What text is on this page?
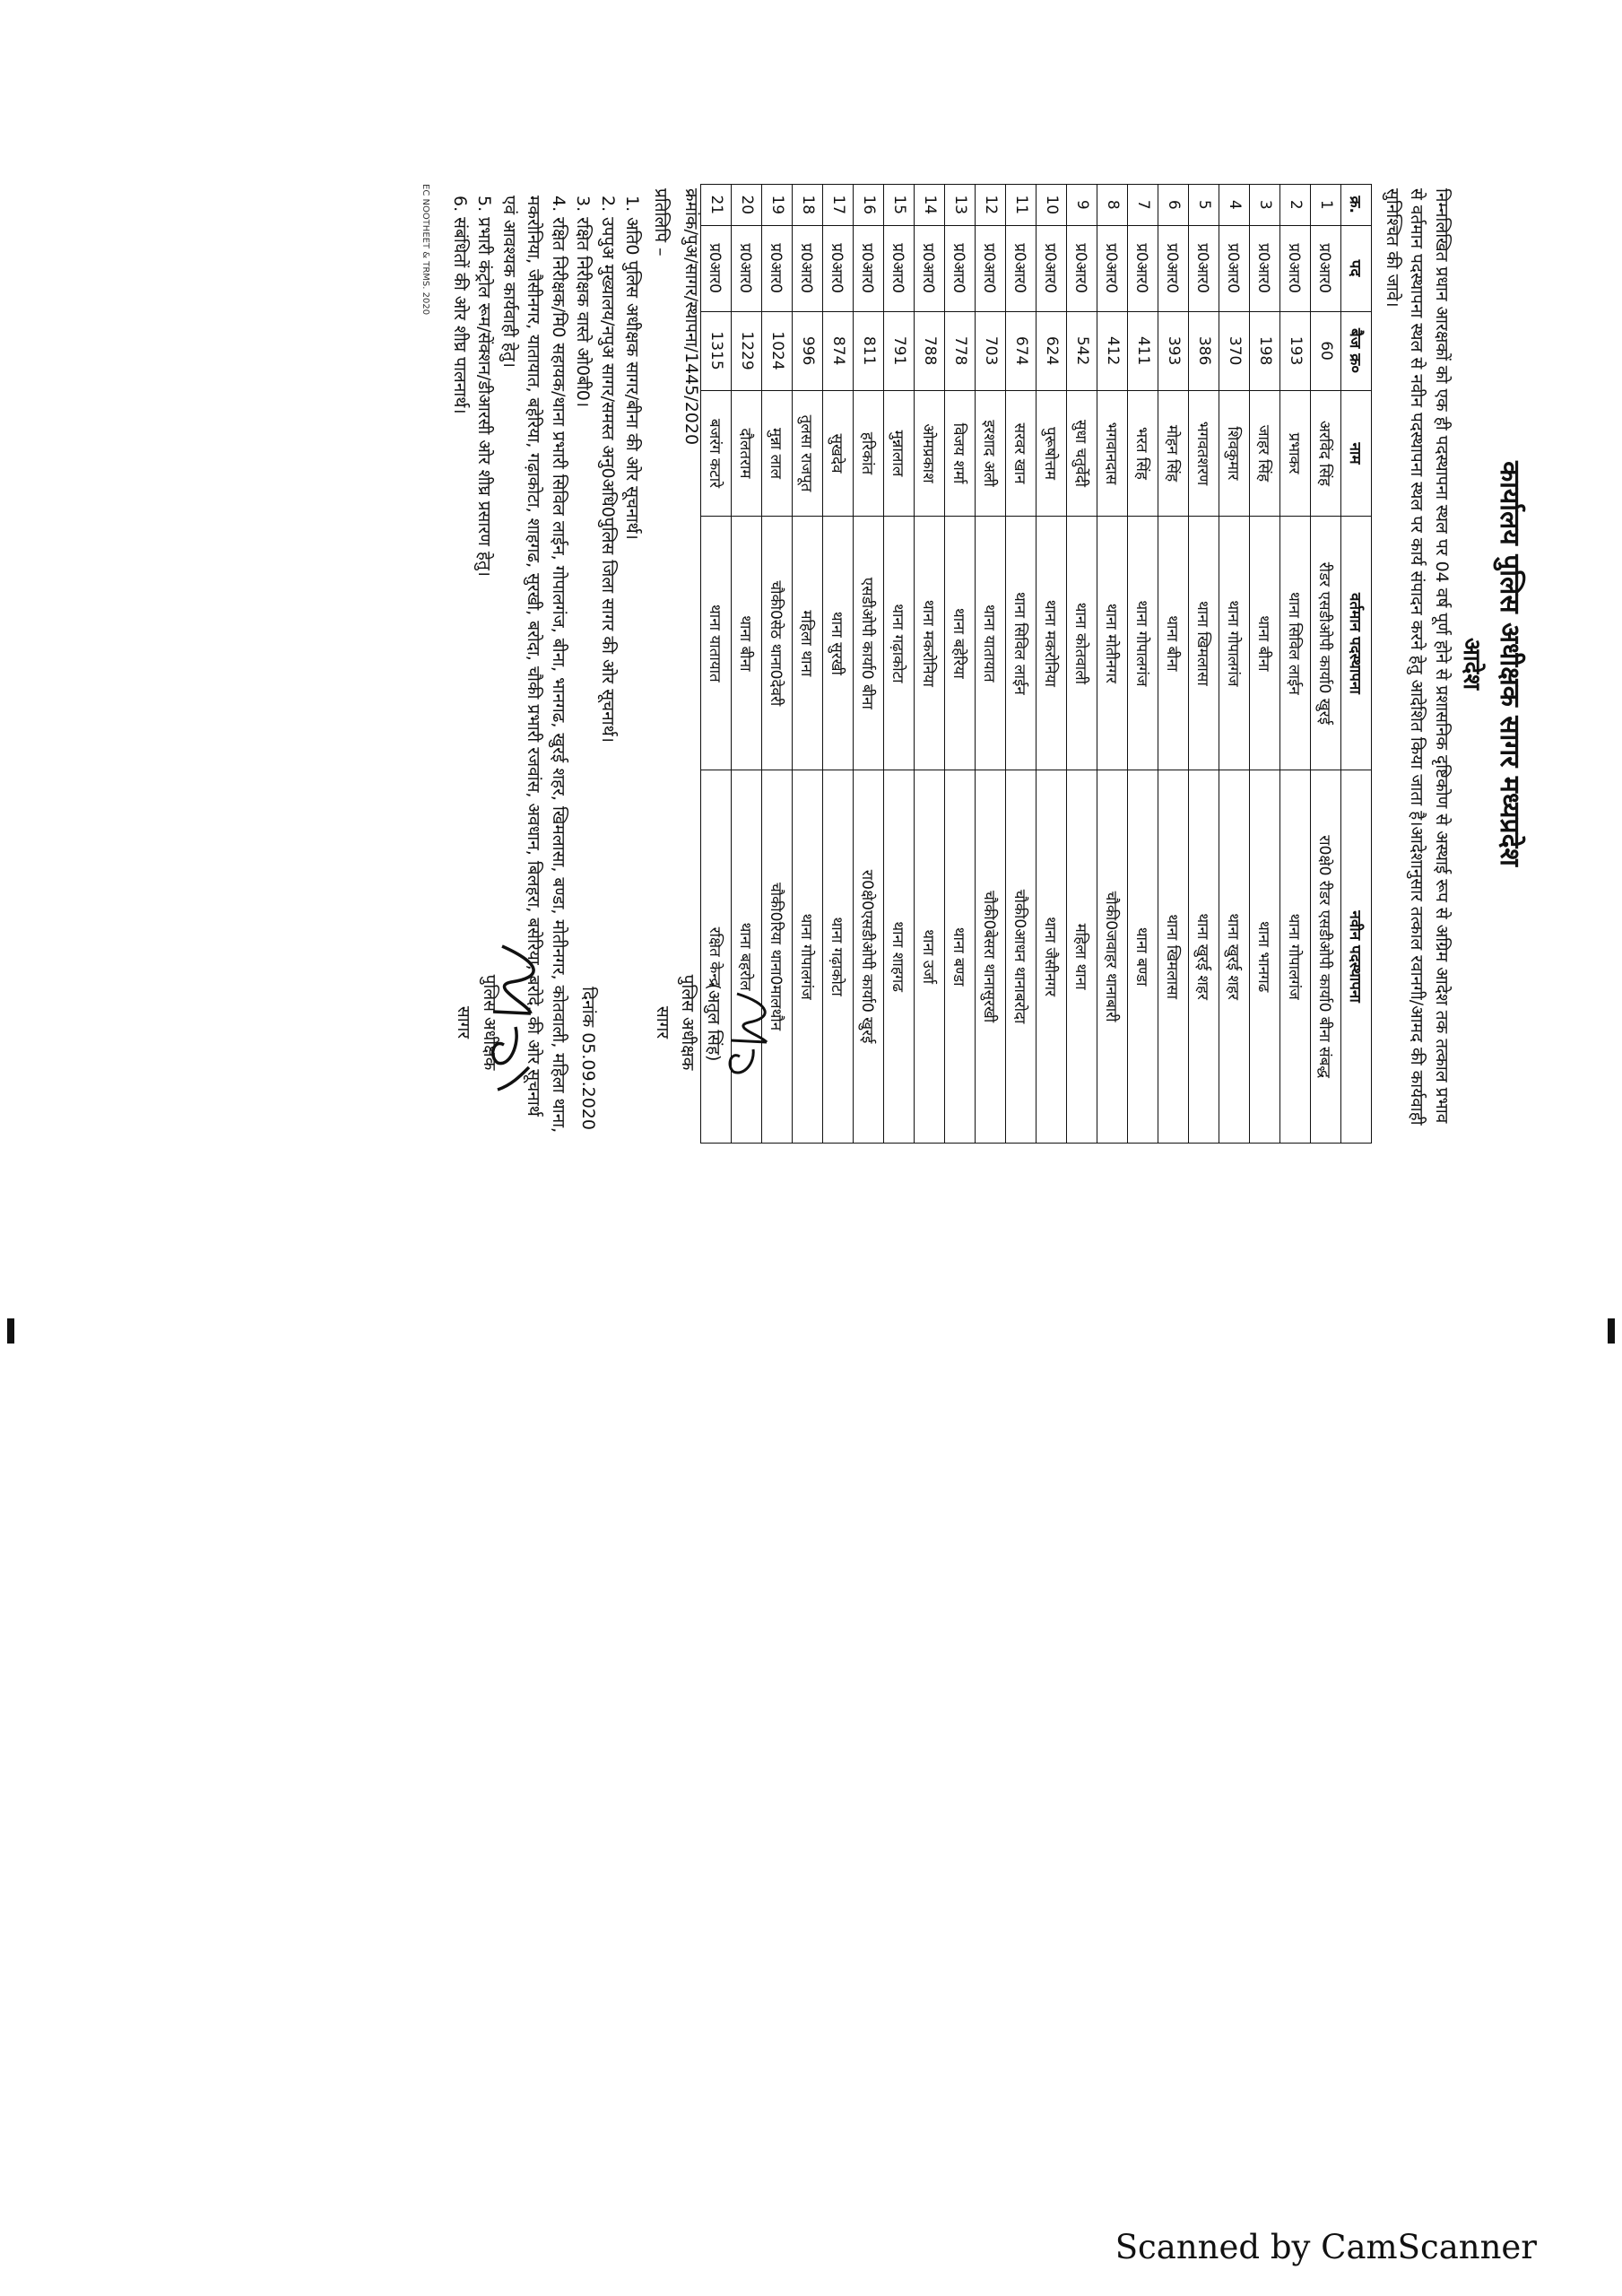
कार्यालय पुलिस अधीक्षक सागर मध्यप्रदेश
आदेश
निम्नलिखित प्रधान आरक्षकों को एक ही पदस्थापना स्थल पर 04 वर्ष पूर्ण होने से प्रशासनिक दृष्टिकोण से अस्थाई रूप से अग्रिम आदेश तक तत्काल प्रभाव से वर्तमान पदस्थापना स्थल से नवीन पदस्थापना स्थल पर कार्य संपादन करने हेतु आदेशित किया जाता है।आदेशानुसार तत्काल रवानगी/आमद की कार्यवाही सुनिश्चित की जावे।
क्र.	पद	बैज क्र०	नाम	वर्तमान पदस्थापना	नवीन पदस्थापना
1	प्र0आर0	60	अरविंद सिंह	रीडर एसडीओपी कार्या0 खुरई	रा0क्षे0 रीडर एसडीओपी कार्या0 बीना संबद्ध
2	प्र0आर0	193	प्रभाकर	थाना सिविल लाईन	थाना गोपालगंज
3	प्र0आर0	198	जाहर सिंह	थाना बीना	थाना भानगढ
4	प्र0आर0	370	शिवकुमार	थाना गोपालगंज	थाना खुरई शहर
5	प्र0आर0	386	भगवतशरण	थाना खिमलासा	थाना खुरई शहर
6	प्र0आर0	393	मोहन सिंह	थाना बीना	थाना खिमलासा
7	प्र0आर0	411	भरत सिंह	थाना गोपालगंज	थाना बण्डा
8	प्र0आर0	412	भगवानदास	थाना मोतीनगर	चौकी0जवाहर थानाबारी
9	प्र0आर0	542	सुधा चतुर्वेदी	थाना कोतवाली	महिला थाना
10	प्र0आर0	624	पुरूषोत्तम	थाना मकरोनिया	थाना जैसीनगर
11	प्र0आर0	674	सरवर खान	थाना सिविल लाईन	चौकी0आधन थानाबरोदा
12	प्र0आर0	703	इरशाद अली	थाना यातायात	चौकी0बेसरा थानासुरखी
13	प्र0आर0	778	विजय शर्मा	थाना बहेरिया	थाना बण्डा
14	प्र0आर0	788	ओमप्रकाश	थाना मकरोनिया	थाना उर्जा
15	प्र0आर0	791	मुन्नालाल	थाना गढ़ाकोटा	थाना शाहगढ
16	प्र0आर0	811	हरिकांत	एसडीओपी कार्या0 बीना	रा0क्षे0एसडीओपी कार्या0 खुरई
17	प्र0आर0	874	सुखदेव	थाना सुरखी	थाना गढ़ाकोटा
18	प्र0आर0	996	तुलसा राजपूत	महिला थाना	थाना गोपालगंज
19	प्र0आर0	1024	मुन्ना लाल	चौकी0सेठ थाना0देवरी	चौकी0रिया थाना0मालथौन
20	प्र0आर0	1229	दौलतराम	थाना बीना	थाना बहरोल
21	प्र0आर0	1315	बजरंग कटारे	थाना यातायात	रक्षित केन्द्र
(अतुल सिंह)
पुलिस अधीक्षक
सागर
क्रमांक/पुअ/सागर/स्थापना/1445/2020
दिनांक 05.09.2020
प्रतिलिपि –
1. अति0 पुलिस अधीक्षक सागर/बीना की ओर सूचनार्थ।
2. उपपुअ मुख्यालय/नपुअ सागर/समस्त अनु0अधि0पुलिस जिला सागर की ओर सूचनार्थ।
3. रक्षित निरीक्षक वास्ते ओ0बी0।
4. रक्षित निरीक्षक/मि0 सहायक/थाना प्रभारी सिविल लाईन, गोपालगंज, बीना, भानगढ, खुरई शहर, खिमलासा, बण्डा, मोतीनगर, कोतवाली, महिला थाना, मकरोनिया, जैसीनगर, यातायात, बहेरिया, गढ़ाकोटा, शाहगढ, सुरखी, बरोदा, चौकी प्रभारी रजवांस, अवधान, बिलहरा, बसेरिया, बरोदे, की ओर सूचनार्थ एवं आवश्यक कार्यवाही हेतु।
5. प्रभारी कंट्रोल रूम/सेंक्शन/डीआरसी ओर शीघ्र प्रसारण हेतु।
6. संबंधितों की ओर शीघ्र पालनार्थ।
पुलिस अधीक्षक
सागर
EC NOOTHEET & TRMS. 2020
Scanned by CamScanner
